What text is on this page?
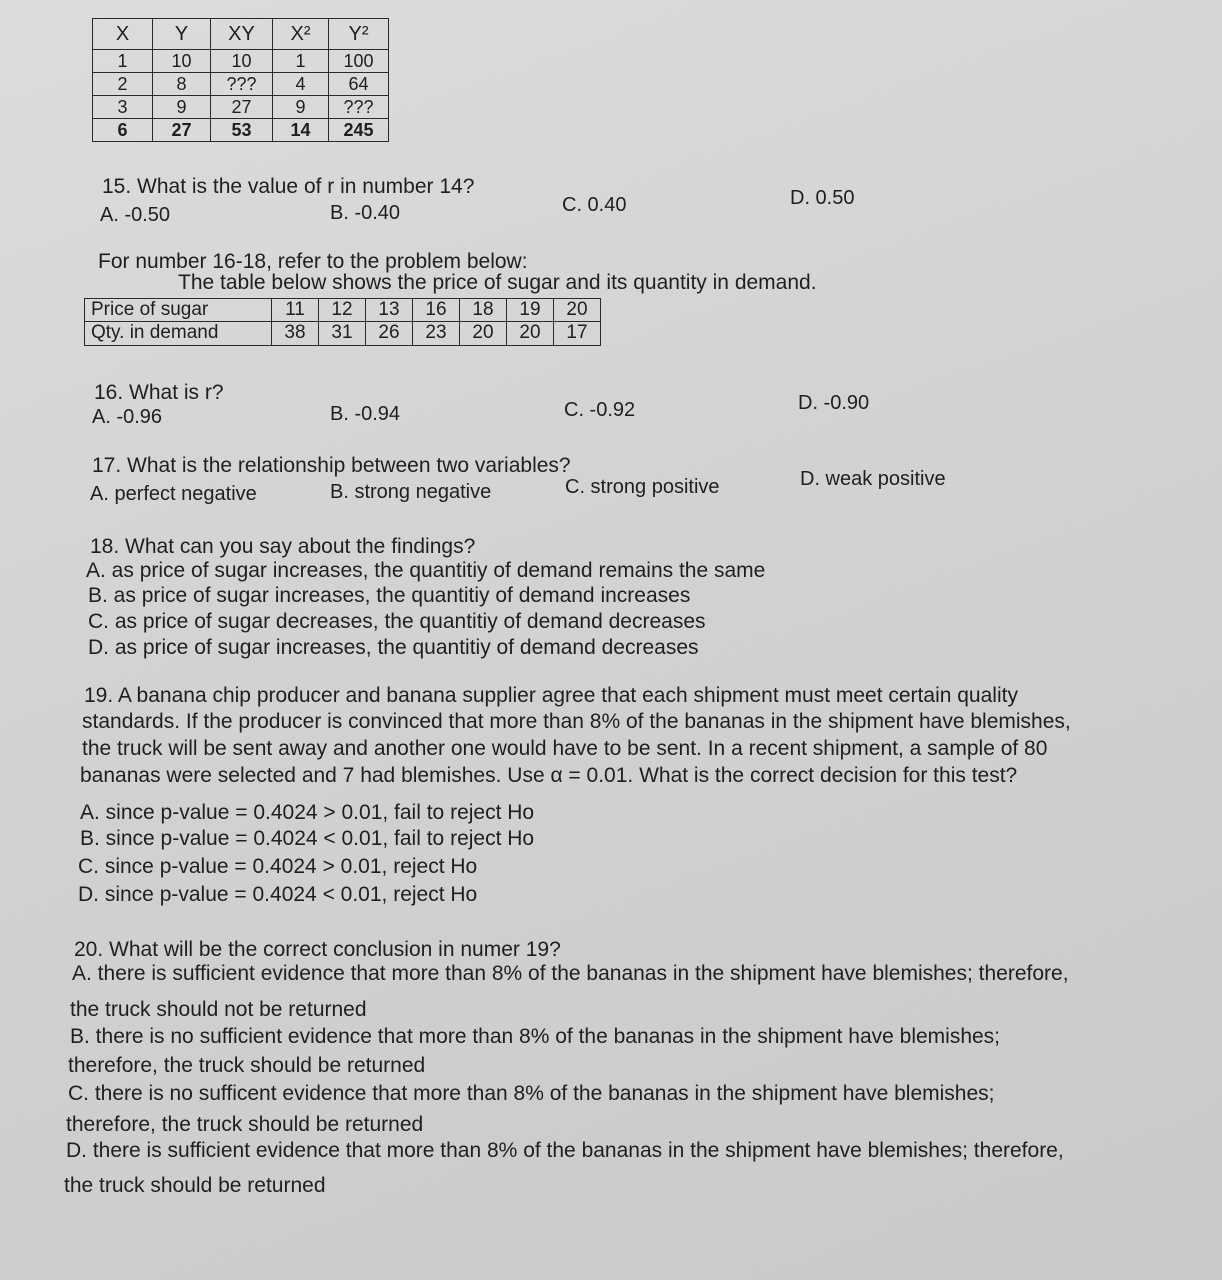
X	Y	XY	X²	Y²
1	10	10	1	100
2	8	???	4	64
3	9	27	9	???
6	27	53	14	245
15. What is the value of r in number 14?
A. -0.50	B. -0.40	C. 0.40	D. 0.50
For number 16-18, refer to the problem below:
The table below shows the price of sugar and its quantity in demand.
Price of sugar	11	12	13	16	18	19	20
Qty. in demand	38	31	26	23	20	20	17
16. What is r?
A. -0.96	B. -0.94	C. -0.92	D. -0.90
17. What is the relationship between two variables?
A. perfect negative	B. strong negative	C. strong positive	D. weak positive
18. What can you say about the findings?
A. as price of sugar increases, the quantitiy of demand remains the same
B. as price of sugar increases, the quantitiy of demand increases
C. as price of sugar decreases, the quantitiy of demand decreases
D. as price of sugar increases, the quantitiy of demand decreases
19. A banana chip producer and banana supplier agree that each shipment must meet certain quality
standards. If the producer is convinced that more than 8% of the bananas in the shipment have blemishes,
the truck will be sent away and another one would have to be sent. In a recent shipment, a sample of 80
bananas were selected and 7 had blemishes. Use α = 0.01. What is the correct decision for this test?
A. since p-value = 0.4024 > 0.01, fail to reject Ho
B. since p-value = 0.4024 < 0.01, fail to reject Ho
C. since p-value = 0.4024 > 0.01, reject Ho
D. since p-value = 0.4024 < 0.01, reject Ho
20. What will be the correct conclusion in numer 19?
A. there is sufficient evidence that more than 8% of the bananas in the shipment have blemishes; therefore,
the truck should not be returned
B. there is no sufficient evidence that more than 8% of the bananas in the shipment have blemishes;
therefore, the truck should be returned
C. there is no sufficent evidence that more than 8% of the bananas in the shipment have blemishes;
therefore, the truck should be returned
D. there is sufficient evidence that more than 8% of the bananas in the shipment have blemishes; therefore,
the truck should be returned
